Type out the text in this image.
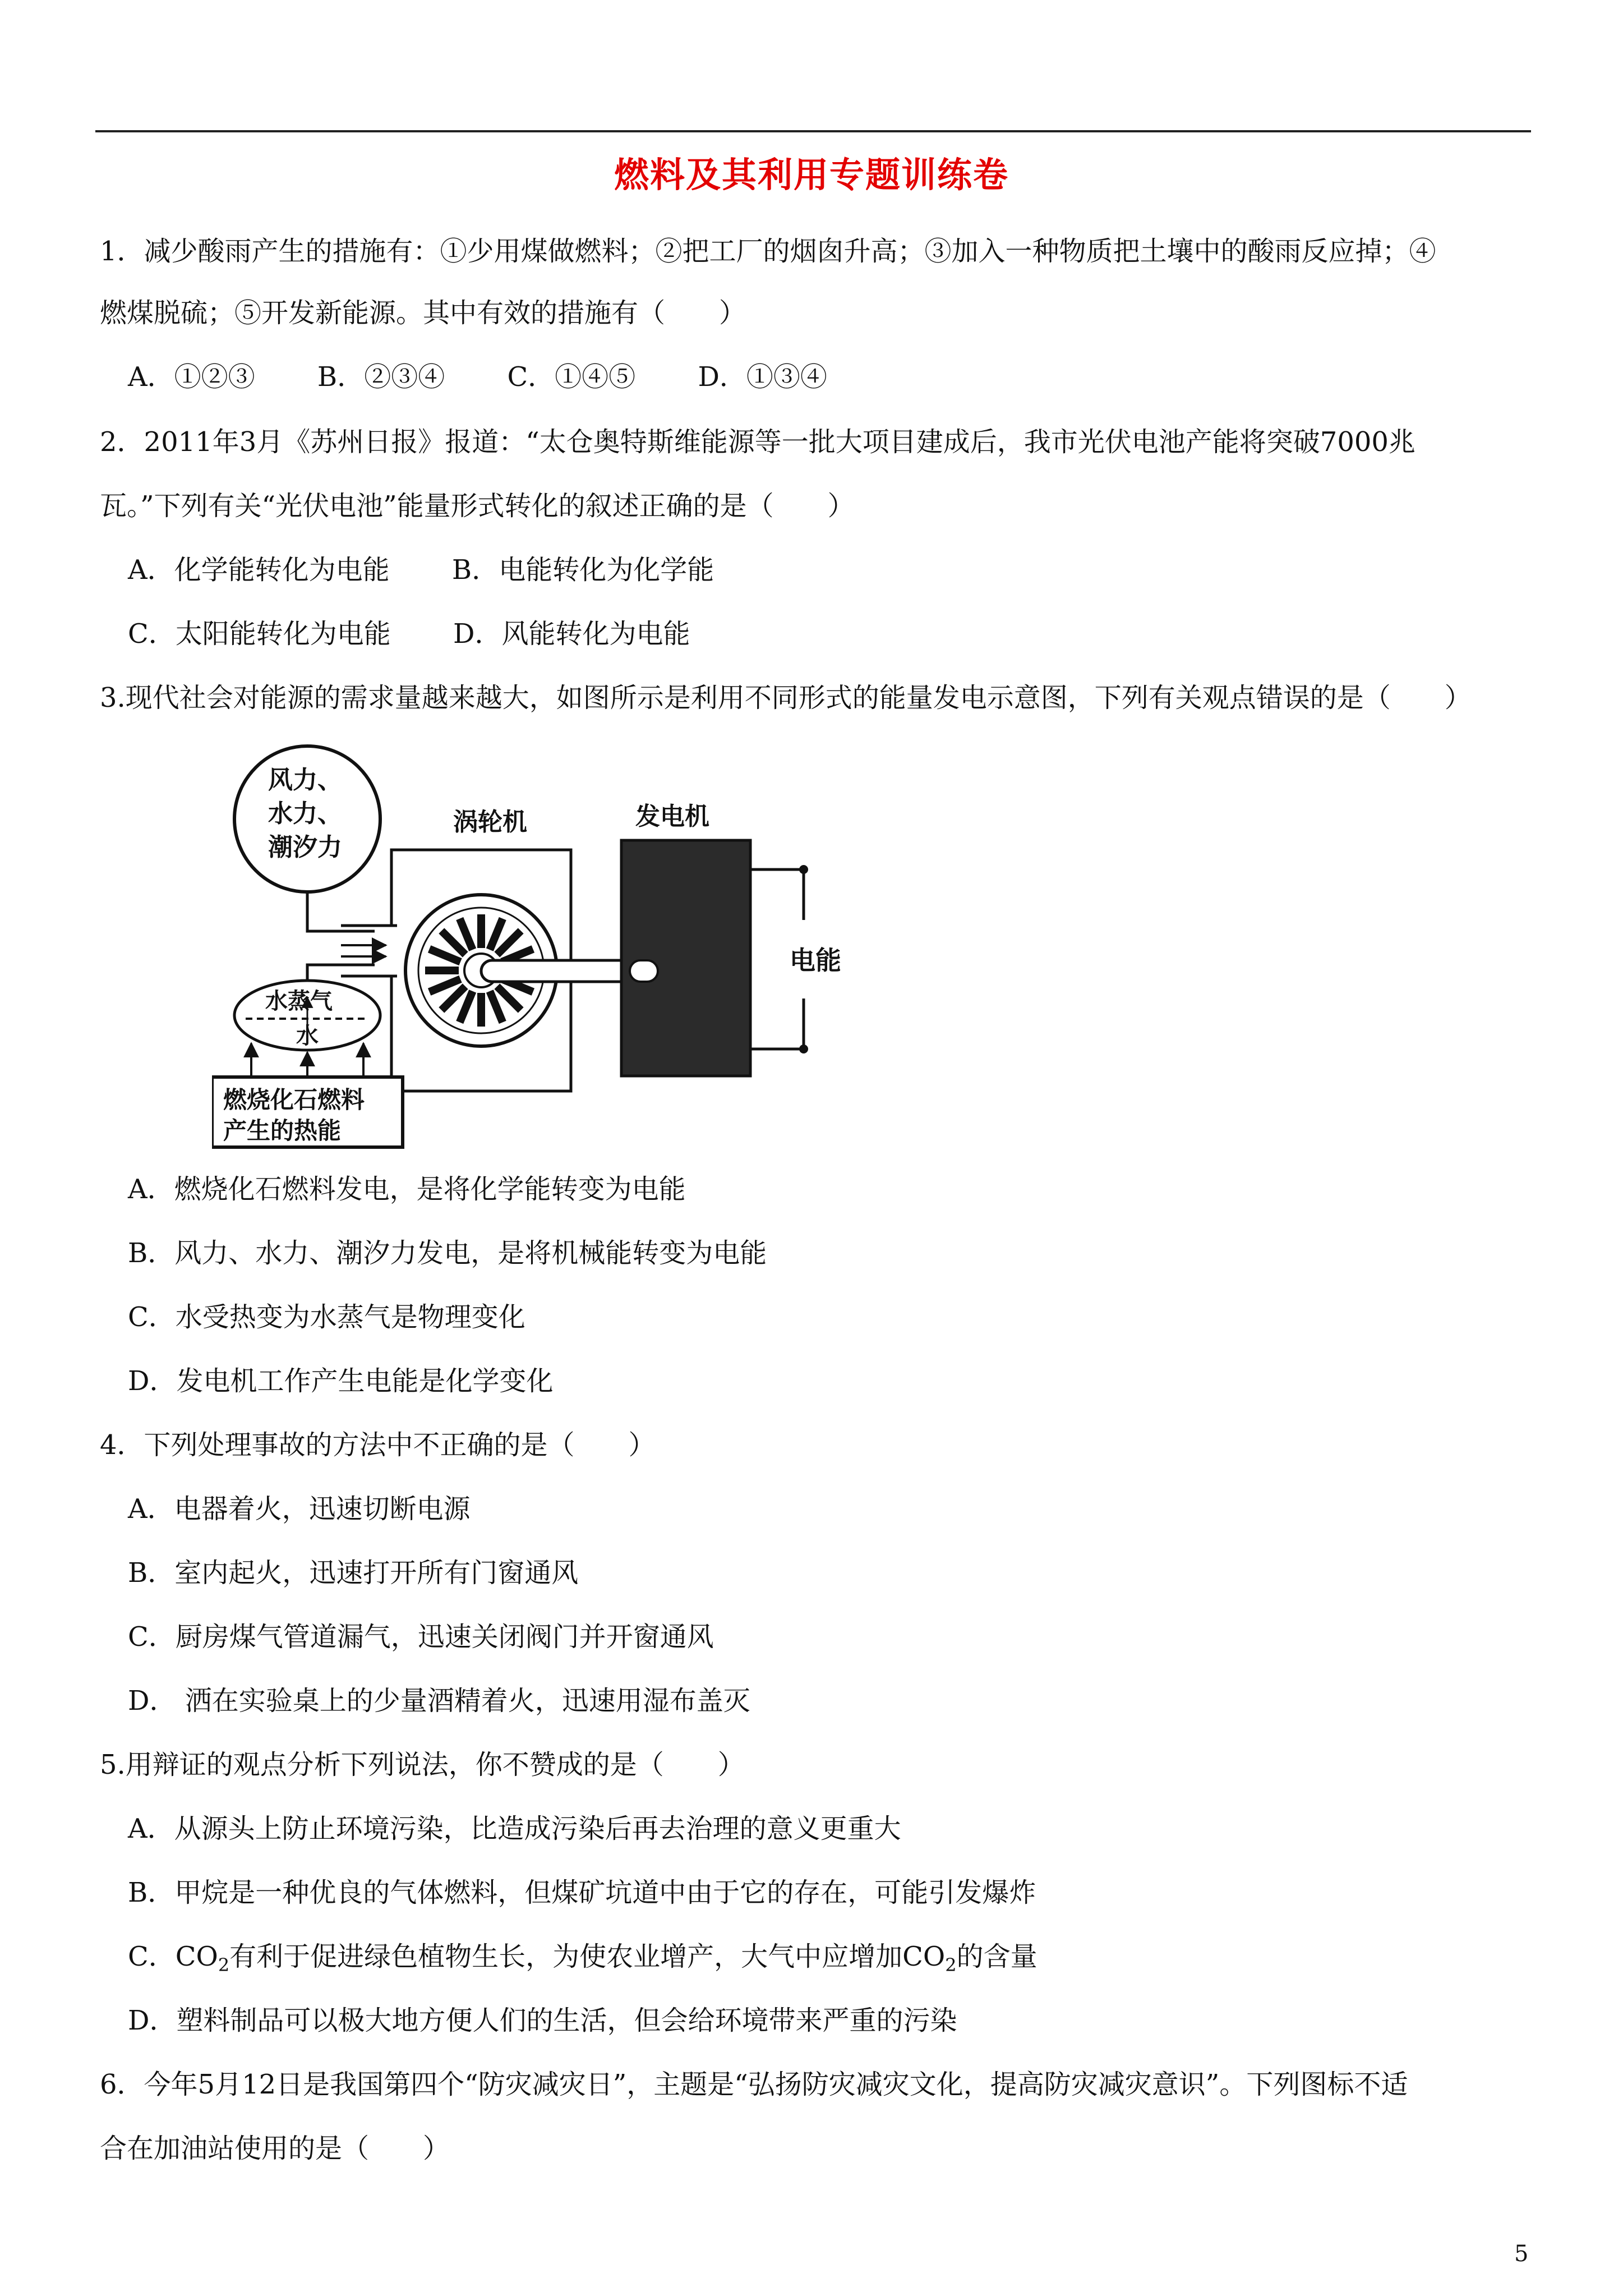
燃料及其利用专题训练卷
1．减少酸雨产生的措施有：①少用煤做燃料；②把工厂的烟囱升高；③加入一种物质把土壤中的酸雨反应掉；④
燃煤脱硫；⑤开发新能源。其中有效的措施有（　　）
A．①②③　　 B．②③④　　 C．①④⑤　　 D．①③④
2．2011年3月《苏州日报》报道：“太仓奥特斯维能源等一批大项目建成后，我市光伏电池产能将突破7000兆
瓦。”下列有关“光伏电池”能量形式转化的叙述正确的是（　　）
A．化学能转化为电能　　 B．电能转化为化学能
C．太阳能转化为电能　　 D．风能转化为电能
3.现代社会对能源的需求量越来越大，如图所示是利用不同形式的能量发电示意图，下列有关观点错误的是（　　）
风力、
水力、
潮汐力
涡轮机	发电机
电能
水蒸气
水
燃烧化石燃料
产生的热能
A．燃烧化石燃料发电，是将化学能转变为电能
B．风力、水力、潮汐力发电，是将机械能转变为电能
C．水受热变为水蒸气是物理变化
D．发电机工作产生电能是化学变化
4．下列处理事故的方法中不正确的是（　　）
A．电器着火，迅速切断电源
B．室内起火，迅速打开所有门窗通风
C．厨房煤气管道漏气，迅速关闭阀门并开窗通风
D． 洒在实验桌上的少量酒精着火，迅速用湿布盖灭
5.用辩证的观点分析下列说法，你不赞成的是（　　）
A．从源头上防止环境污染，比造成污染后再去治理的意义更重大
B．甲烷是一种优良的气体燃料，但煤矿坑道中由于它的存在，可能引发爆炸
C．$CO_2$有利于促进绿色植物生长，为使农业增产，大气中应增加$CO_2$的含量
D．塑料制品可以极大地方便人们的生活，但会给环境带来严重的污染
6．今年5月12日是我国第四个“防灾减灾日”，主题是“弘扬防灾减灾文化，提高防灾减灾意识”。下列图标不适
合在加油站使用的是（　　）
5
